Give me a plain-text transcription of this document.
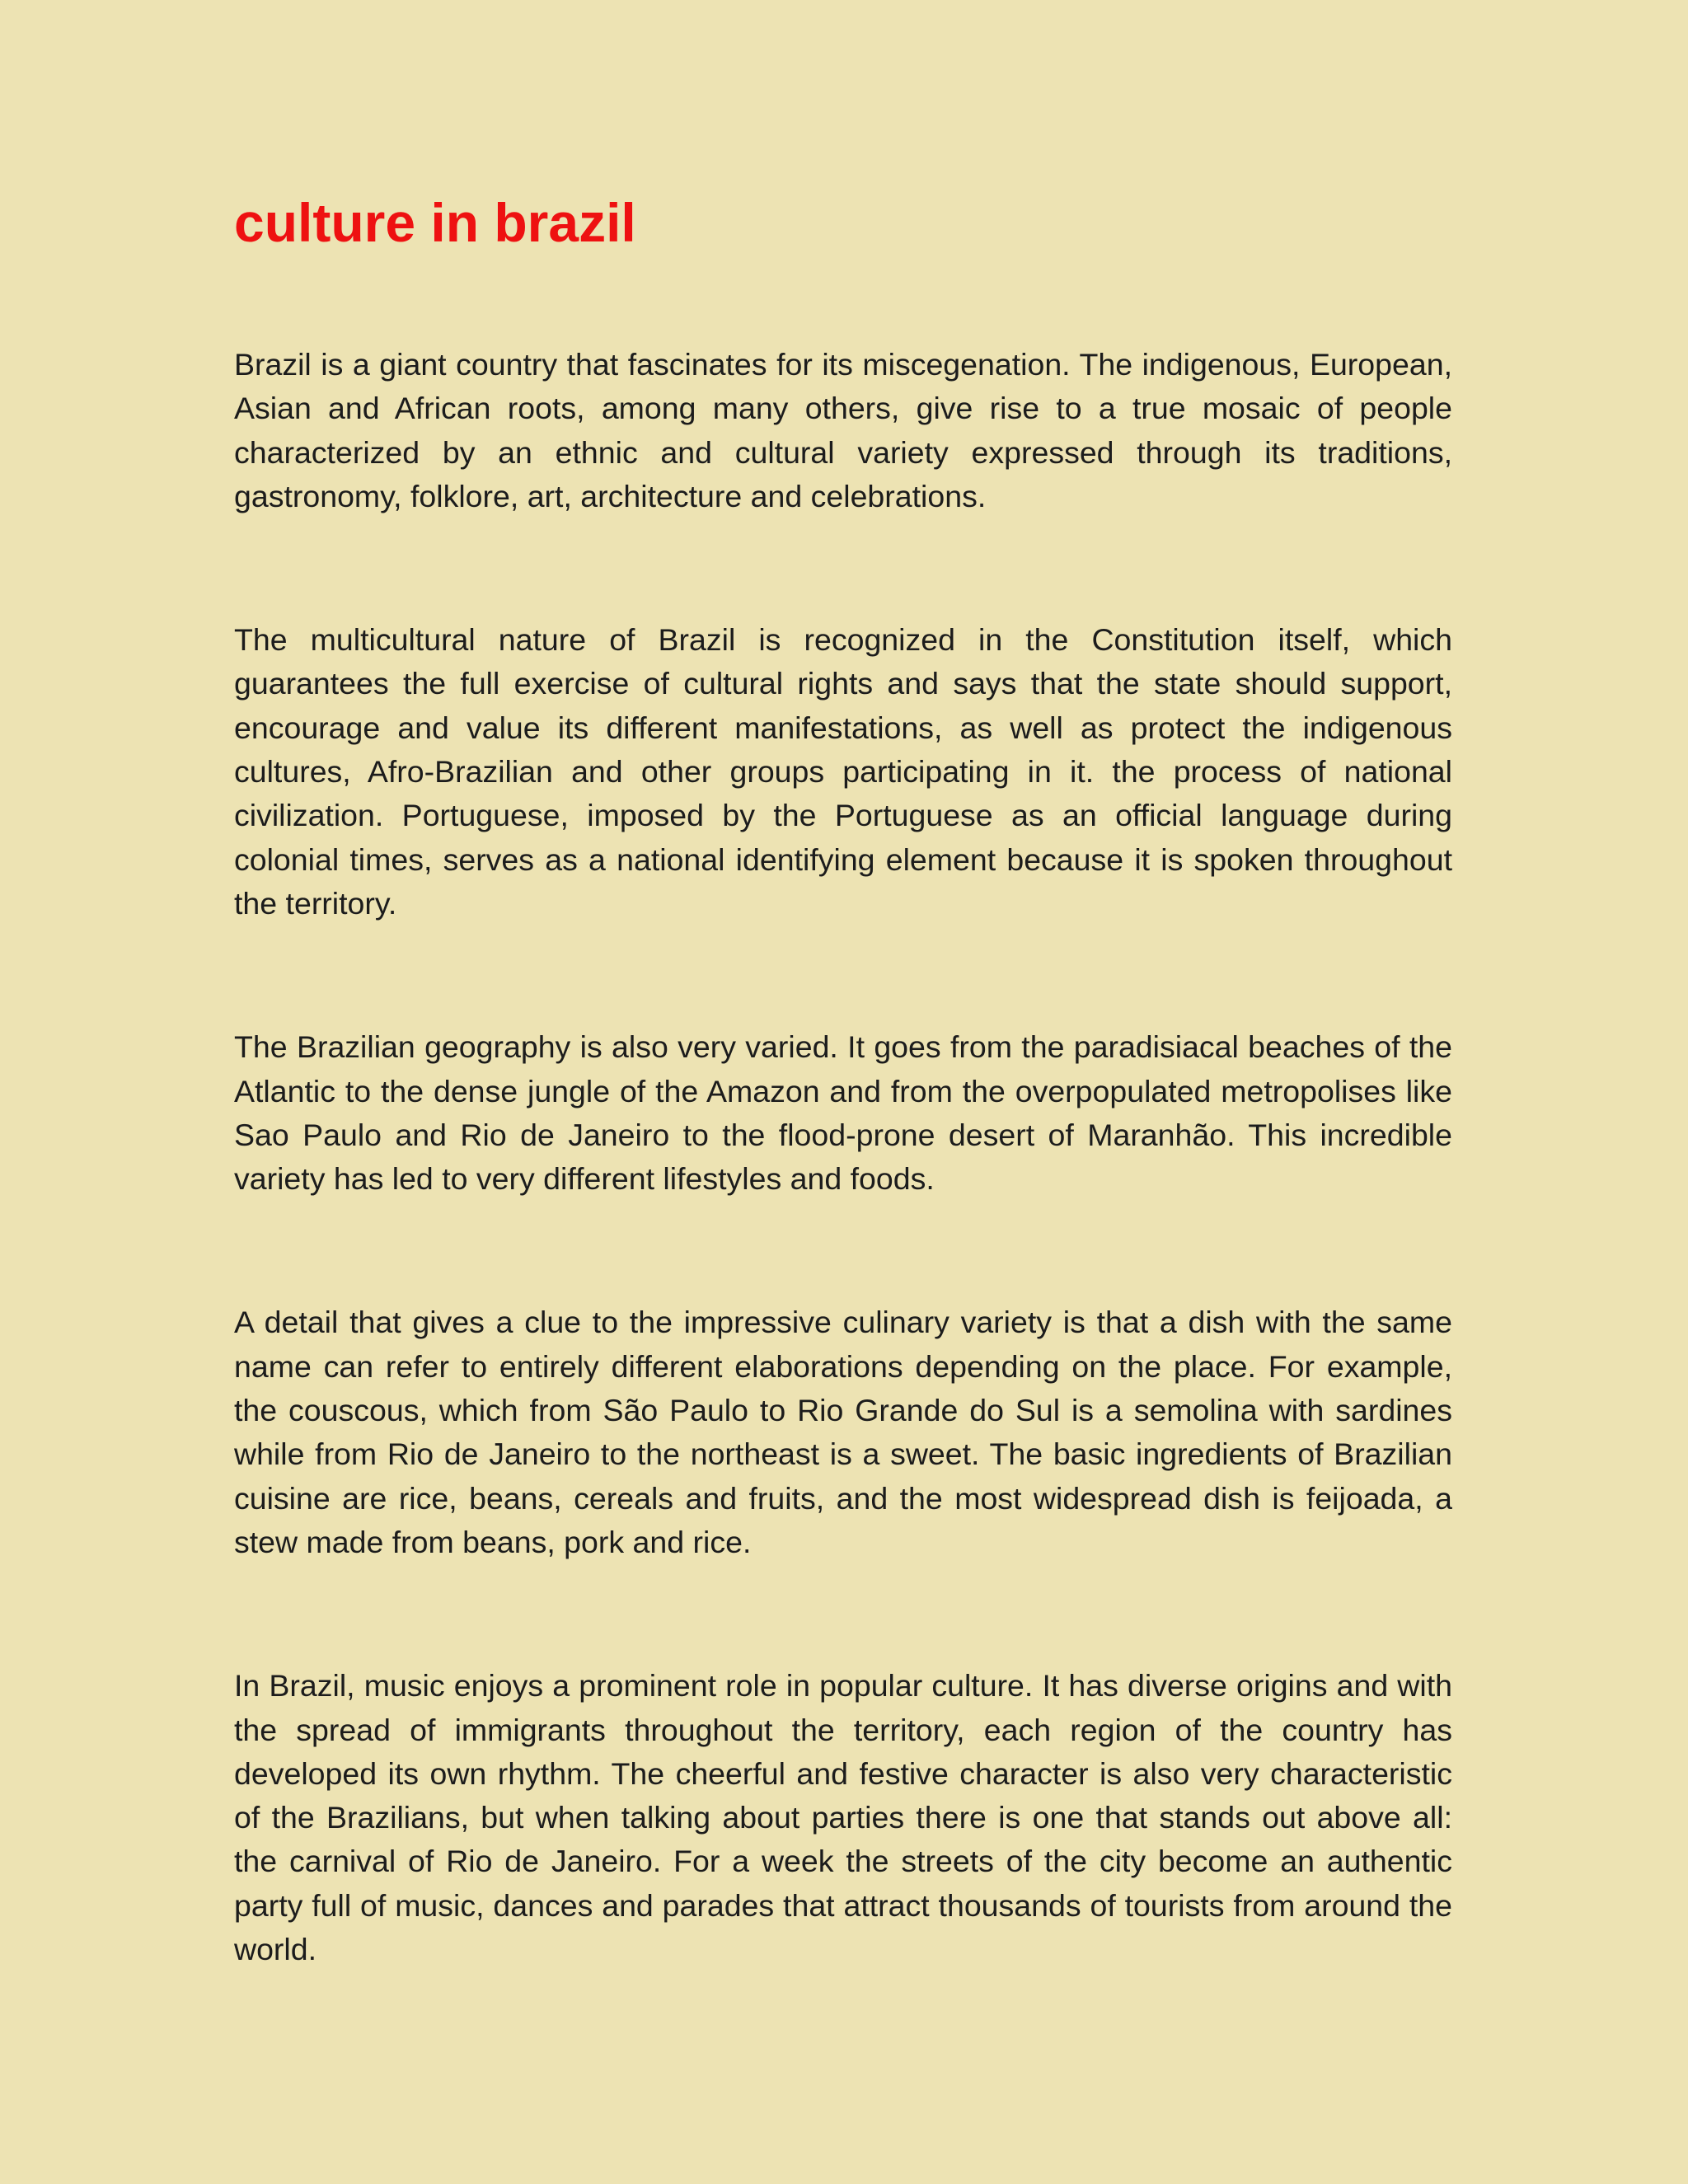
culture in brazil

Brazil is a giant country that fascinates for its miscegenation. The indigenous, European, Asian and African roots, among many others, give rise to a true mosaic of people characterized by an ethnic and cultural variety expressed through its traditions, gastronomy, folklore, art, architecture and celebrations.

The multicultural nature of Brazil is recognized in the Constitution itself, which guarantees the full exercise of cultural rights and says that the state should support, encourage and value its different manifestations, as well as protect the indigenous cultures, Afro-Brazilian and other groups participating in it. the process of national civilization. Portuguese, imposed by the Portuguese as an official language during colonial times, serves as a national identifying element because it is spoken throughout the territory.

The Brazilian geography is also very varied. It goes from the paradisiacal beaches of the Atlantic to the dense jungle of the Amazon and from the overpopulated metropolises like Sao Paulo and Rio de Janeiro to the flood-prone desert of Maranhão. This incredible variety has led to very different lifestyles and foods.

A detail that gives a clue to the impressive culinary variety is that a dish with the same name can refer to entirely different elaborations depending on the place. For example, the couscous, which from São Paulo to Rio Grande do Sul is a semolina with sardines while from Rio de Janeiro to the northeast is a sweet. The basic ingredients of Brazilian cuisine are rice, beans, cereals and fruits, and the most widespread dish is feijoada, a stew made from beans, pork and rice.

In Brazil, music enjoys a prominent role in popular culture. It has diverse origins and with the spread of immigrants throughout the territory, each region of the country has developed its own rhythm. The cheerful and festive character is also very characteristic of the Brazilians, but when talking about parties there is one that stands out above all: the carnival of Rio de Janeiro. For a week the streets of the city become an authentic party full of music, dances and parades that attract thousands of tourists from around the world.
